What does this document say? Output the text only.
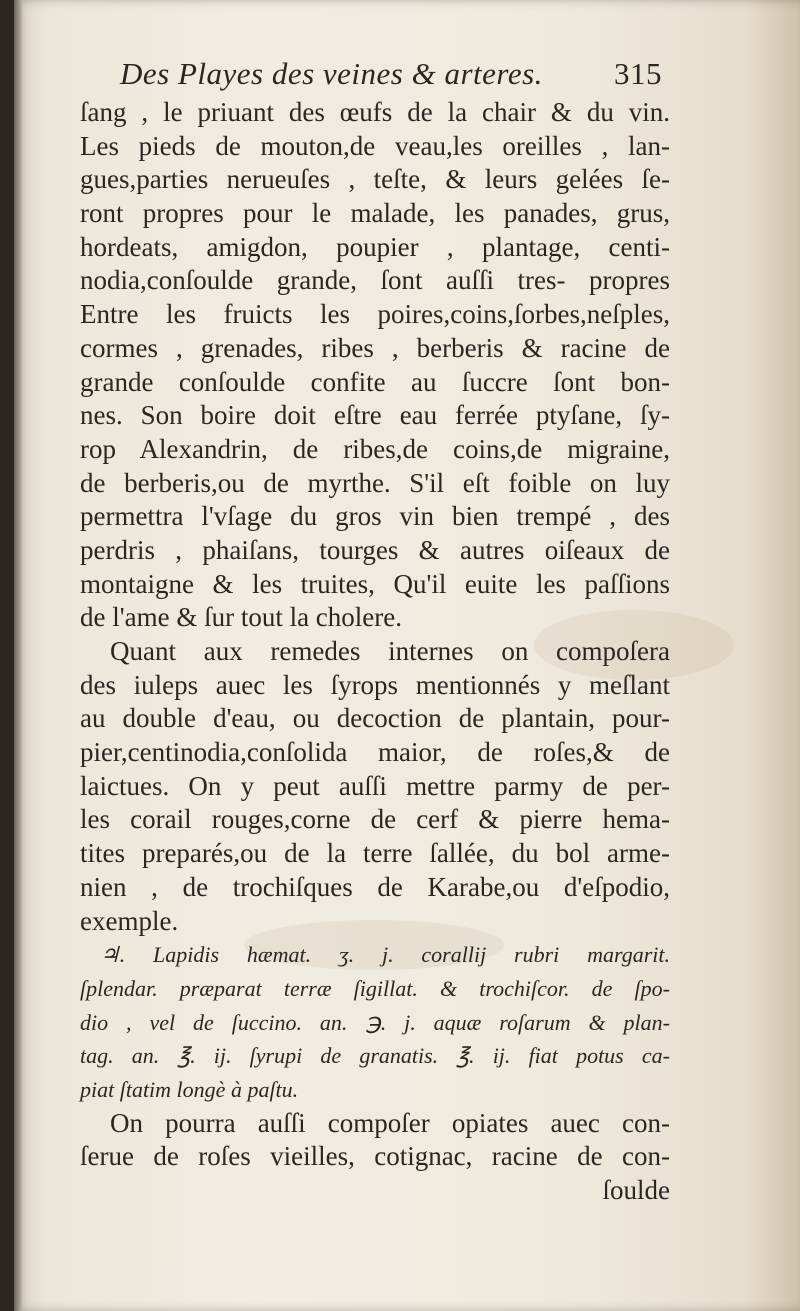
Des Playes des veines & arteres. 315
ſang , le priuant des œufs de la chair & du vin.
Les pieds de mouton,de veau,les oreilles , lan-
gues,parties nerueuſes , teſte, & leurs gelées ſe-
ront propres pour le malade, les panades, grus,
hordeats, amigdon, poupier , plantage, centi-
nodia,conſoulde grande, ſont auſſi tres- propres
Entre les fruicts les poires,coins,ſorbes,neſples,
cormes , grenades, ribes , berberis & racine de
grande conſoulde confite au ſuccre ſont bon-
nes. Son boire doit eſtre eau ferrée ptyſane, ſy-
rop Alexandrin, de ribes,de coins,de migraine,
de berberis,ou de myrthe. S'il eſt foible on luy
permettra l'vſage du gros vin bien trempé , des
perdris , phaiſans, tourges & autres oiſeaux de
montaigne & les truites, Qu'il euite les paſſions
de l'ame & ſur tout la cholere.
Quant aux remedes internes on compoſera
des iuleps auec les ſyrops mentionnés y meſlant
au double d'eau, ou decoction de plantain, pour-
pier,centinodia,conſolida maior, de roſes,& de
laictues. On y peut auſſi mettre parmy de per-
les corail rouges,corne de cerf & pierre hema-
tites preparés,ou de la terre ſallée, du bol arme-
nien , de trochiſques de Karabe,ou d'eſpodio,
exemple.
♃. Lapidis hæmat. ʒ. j. corallij rubri margarit.
ſplendar. præparat terræ ſigillat. & trochiſcor. de ſpo-
dio , vel de ſuccino. an. ℈. j. aquæ roſarum & plan-
tag. an. ℥. ij. ſyrupi de granatis. ℥. ij. fiat potus ca-
piat ſtatim longè à paſtu.
On pourra auſſi compoſer opiates auec con-
ſerue de roſes vieilles, cotignac, racine de con-
ſoulde
